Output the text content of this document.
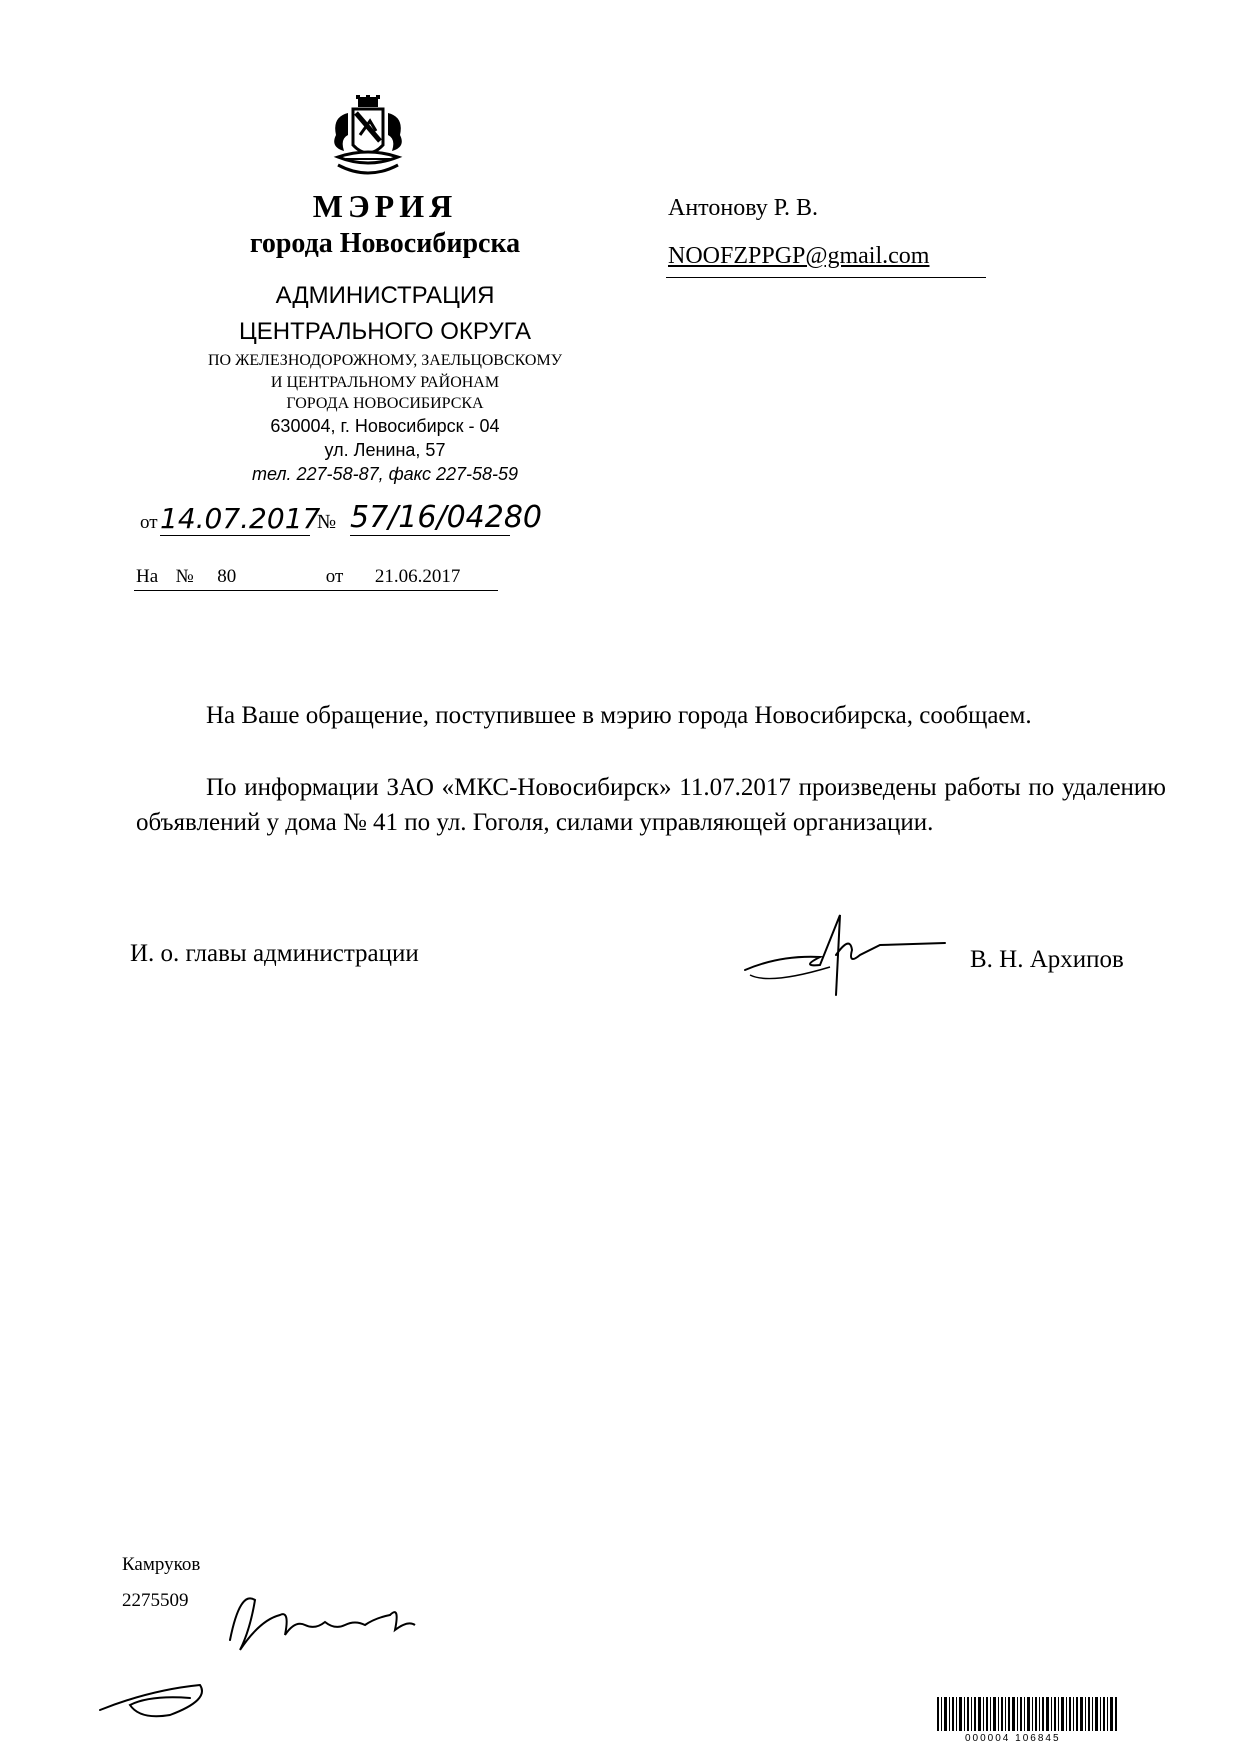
МЭРИЯ
города Новосибирска
АДМИНИСТРАЦИЯ
ЦЕНТРАЛЬНОГО ОКРУГА
ПО ЖЕЛЕЗНОДОРОЖНОМУ, ЗАЕЛЬЦОВСКОМУ
И ЦЕНТРАЛЬНОМУ РАЙОНАМ
ГОРОДА НОВОСИБИРСКА
630004, г. Новосибирск - 04
ул. Ленина, 57
тел. 227-58-87, факс 227-58-59
Антонову Р. В.
NOOFZPPGP@gmail.com
от 14.07.2017
№ 57/16/04280
На № 80	от 21.06.2017
На Ваше обращение, поступившее в мэрию города Новосибирска, сообщаем.
По информации ЗАО «МКС-Новосибирск» 11.07.2017 произведены работы по удалению объявлений у дома № 41 по ул. Гоголя, силами управляющей организации.
И. о. главы администрации	В. Н. Архипов
Камруков
2275509
000004 106845
